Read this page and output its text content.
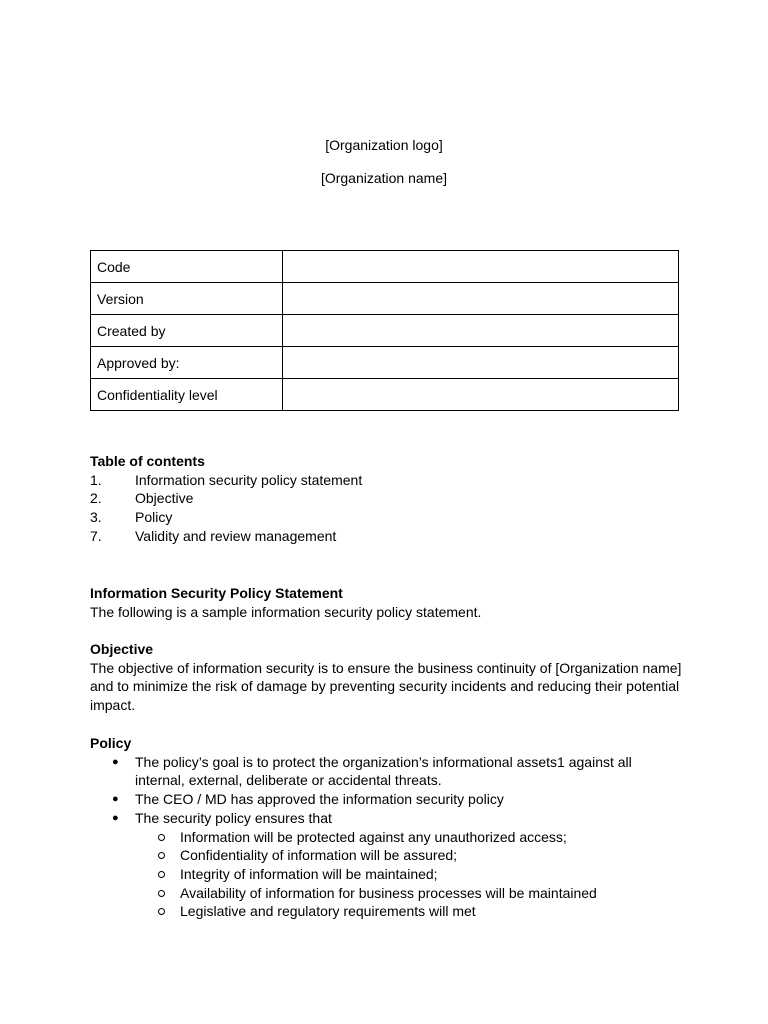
[Organization logo]
[Organization name]
Code	
Version	
Created by	
Approved by:	
Confidentiality level	
Table of contents
1.	Information security policy statement
2.	Objective
3.	Policy
7.	Validity and review management
Information Security Policy Statement
The following is a sample information security policy statement.
Objective
The objective of information security is to ensure the business continuity of [Organization name] and to minimize the risk of damage by preventing security incidents and reducing their potential impact.
Policy
● The policy’s goal is to protect the organization’s informational assets1 against all internal, external, deliberate or accidental threats.
● The CEO / MD has approved the information security policy
● The security policy ensures that
Information will be protected against any unauthorized access;
Confidentiality of information will be assured;
Integrity of information will be maintained;
Availability of information for business processes will be maintained
Legislative and regulatory requirements will met
